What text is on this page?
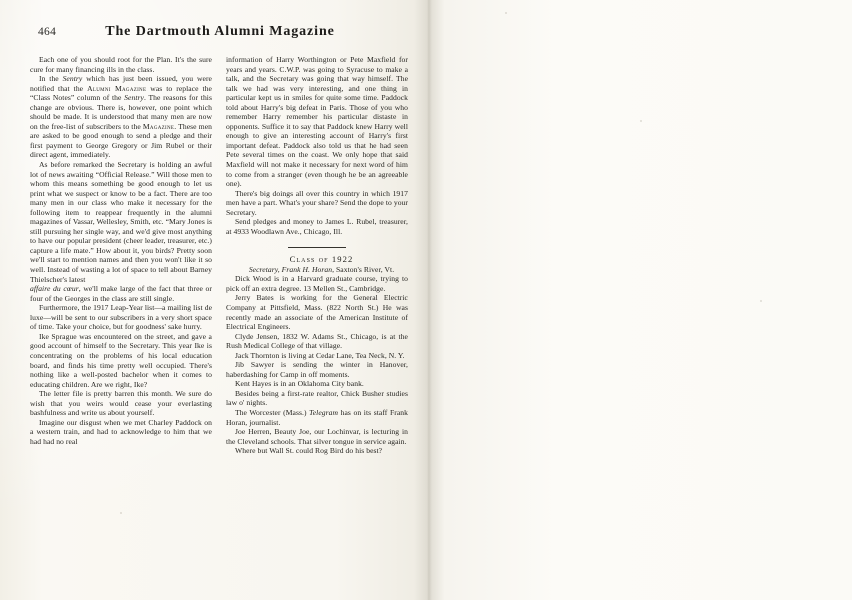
464	The Dartmouth Alumni Magazine

Each one of you should root for the Plan. It's the sure cure for many financing ills in the class.

In the Sentry which has just been issued, you were notified that the Alumni Magazine was to replace the “Class Notes” column of the Sentry. The reasons for this change are obvious. There is, however, one point which should be made. It is understood that many men are now on the free-list of subscribers to the Magazine. These men are asked to be good enough to send a pledge and their first payment to George Gregory or Jim Rubel or their direct agent, immediately.

As before remarked the Secretary is holding an awful lot of news awaiting “Official Release.” Will those men to whom this means something be good enough to let us print what we suspect or know to be a fact. There are too many men in our class who make it necessary for the following item to reappear frequently in the alumni magazines of Vassar, Wellesley, Smith, etc. “Mary Jones is still pursuing her single way, and we'd give most anything to have our popular president (cheer leader, treasurer, etc.) capture a life mate.” How about it, you birds? Pretty soon we'll start to mention names and then you won't like it so well. Instead of wasting a lot of space to tell about Barney Thielscher's latest

affaire du cœur, we'll make large of the fact that three or four of the Georges in the class are still single.

Furthermore, the 1917 Leap-Year list—a mailing list de luxe—will be sent to our subscribers in a very short space of time. Take your choice, but for goodness' sake hurry.

Ike Sprague was encountered on the street, and gave a good account of himself to the Secretary. This year Ike is concentrating on the problems of his local education board, and finds his time pretty well occupied. There's nothing like a well-posted bachelor when it comes to educating children. Are we right, Ike?

The letter file is pretty barren this month. We sure do wish that you weirs would cease your everlasting bashfulness and write us about yourself.

Imagine our disgust when we met Charley Paddock on a western train, and had to acknowledge to him that we had had no real

information of Harry Worthington or Pete Maxfield for years and years. C.W.P. was going to Syracuse to make a talk, and the Secretary was going that way himself. The talk we had was very interesting, and one thing in particular kept us in smiles for quite some time. Paddock told about Harry's big defeat in Paris. Those of you who remember Harry remember his particular distaste in opponents. Suffice it to say that Paddock knew Harry well enough to give an interesting account of Harry's first important defeat. Paddock also told us that he had seen Pete several times on the coast. We only hope that said Maxfield will not make it necessary for next word of him to come from a stranger (even though he be an agreeable one).

There's big doings all over this country in which 1917 men have a part. What's your share? Send the dope to your Secretary.

Send pledges and money to James L. Rubel, treasurer, at 4933 Woodlawn Ave., Chicago, Ill.

Class of 1922

Secretary, Frank H. Horan, Saxton's River, Vt.

Dick Wood is in a Harvard graduate course, trying to pick off an extra degree. 13 Mellen St., Cambridge.

Jerry Bates is working for the General Electric Company at Pittsfield, Mass. (822 North St.) He was recently made an associate of the American Institute of Electrical Engineers.

Clyde Jensen, 1832 W. Adams St., Chicago, is at the Rush Medical College of that village.

Jack Thornton is living at Cedar Lane, Tea Neck, N. Y.

Jib Sawyer is sending the winter in Hanover, haberdashing for Camp in off moments.

Kent Hayes is in an Oklahoma City bank.

Besides being a first-rate realtor, Chick Busher studies law o' nights.

The Worcester (Mass.) Telegram has on its staff Frank Horan, journalist.

Joe Herren, Beauty Joe, our Lochinvar, is lecturing in the Cleveland schools. That silver tongue in service again.

Where but Wall St. could Rog Bird do his best?
